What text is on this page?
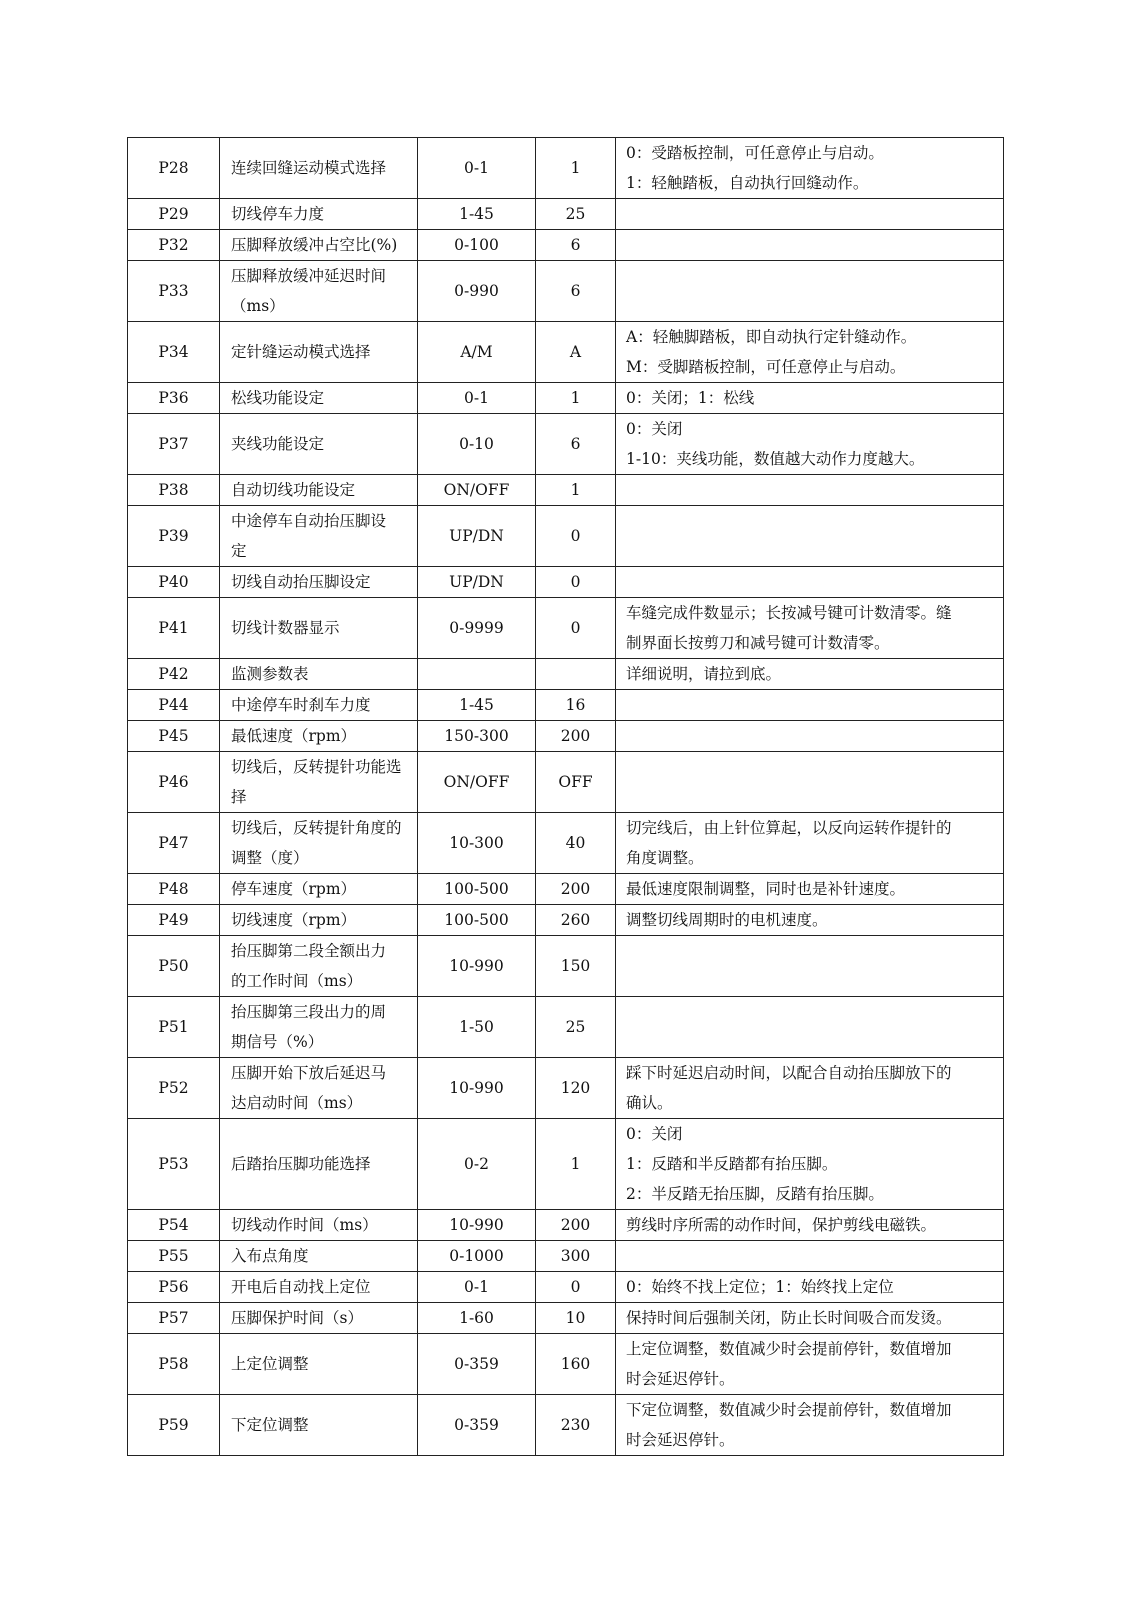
P28	连续回缝运动模式选择	0-1	1	0：受踏板控制，可任意停止与启动。
1：轻触踏板，自动执行回缝动作。

P29	切线停车力度	1-45	25	
P32	压脚释放缓冲占空比(%)	0-100	6	
P33	压脚释放缓冲延迟时间
（ms）	0-990	6	
P34	定针缝运动模式选择	A/M	A	A：轻触脚踏板，即自动执行定针缝动作。
M：受脚踏板控制，可任意停止与启动。

P36	松线功能设定	0-1	1	0：关闭；1：松线

P37	夹线功能设定	0-10	6	0：关闭
1-10：夹线功能，数值越大动作力度越大。

P38	自动切线功能设定	ON/OFF	1	
P39	中途停车自动抬压脚设
定	UP/DN	0	
P40	切线自动抬压脚设定	UP/DN	0	
P41	切线计数器显示	0-9999	0	车缝完成件数显示；长按减号键可计数清零。缝
制界面长按剪刀和减号键可计数清零。

P42	监测参数表			详细说明，请拉到底。

P44	中途停车时刹车力度	1-45	16	
P45	最低速度（rpm）	150-300	200	
P46	切线后，反转提针功能选
择	ON/OFF	OFF	
P47	切线后，反转提针角度的
调整（度）	10-300	40	切完线后，由上针位算起，以反向运转作提针的
角度调整。

P48	停车速度（rpm）	100-500	200	最低速度限制调整，同时也是补针速度。

P49	切线速度（rpm）	100-500	260	调整切线周期时的电机速度。

P50	抬压脚第二段全额出力
的工作时间（ms）	10-990	150	
P51	抬压脚第三段出力的周
期信号（%）	1-50	25	
P52	压脚开始下放后延迟马
达启动时间（ms）	10-990	120	踩下时延迟启动时间，以配合自动抬压脚放下的
确认。

P53	后踏抬压脚功能选择	0-2	1	0：关闭
1：反踏和半反踏都有抬压脚。
2：半反踏无抬压脚，反踏有抬压脚。

P54	切线动作时间（ms）	10-990	200	剪线时序所需的动作时间，保护剪线电磁铁。

P55	入布点角度	0-1000	300	
P56	开电后自动找上定位	0-1	0	0：始终不找上定位；1：始终找上定位

P57	压脚保护时间（s）	1-60	10	保持时间后强制关闭，防止长时间吸合而发烫。

P58	上定位调整	0-359	160	上定位调整，数值减少时会提前停针，数值增加
时会延迟停针。

P59	下定位调整	0-359	230	下定位调整，数值减少时会提前停针，数值增加
时会延迟停针。
